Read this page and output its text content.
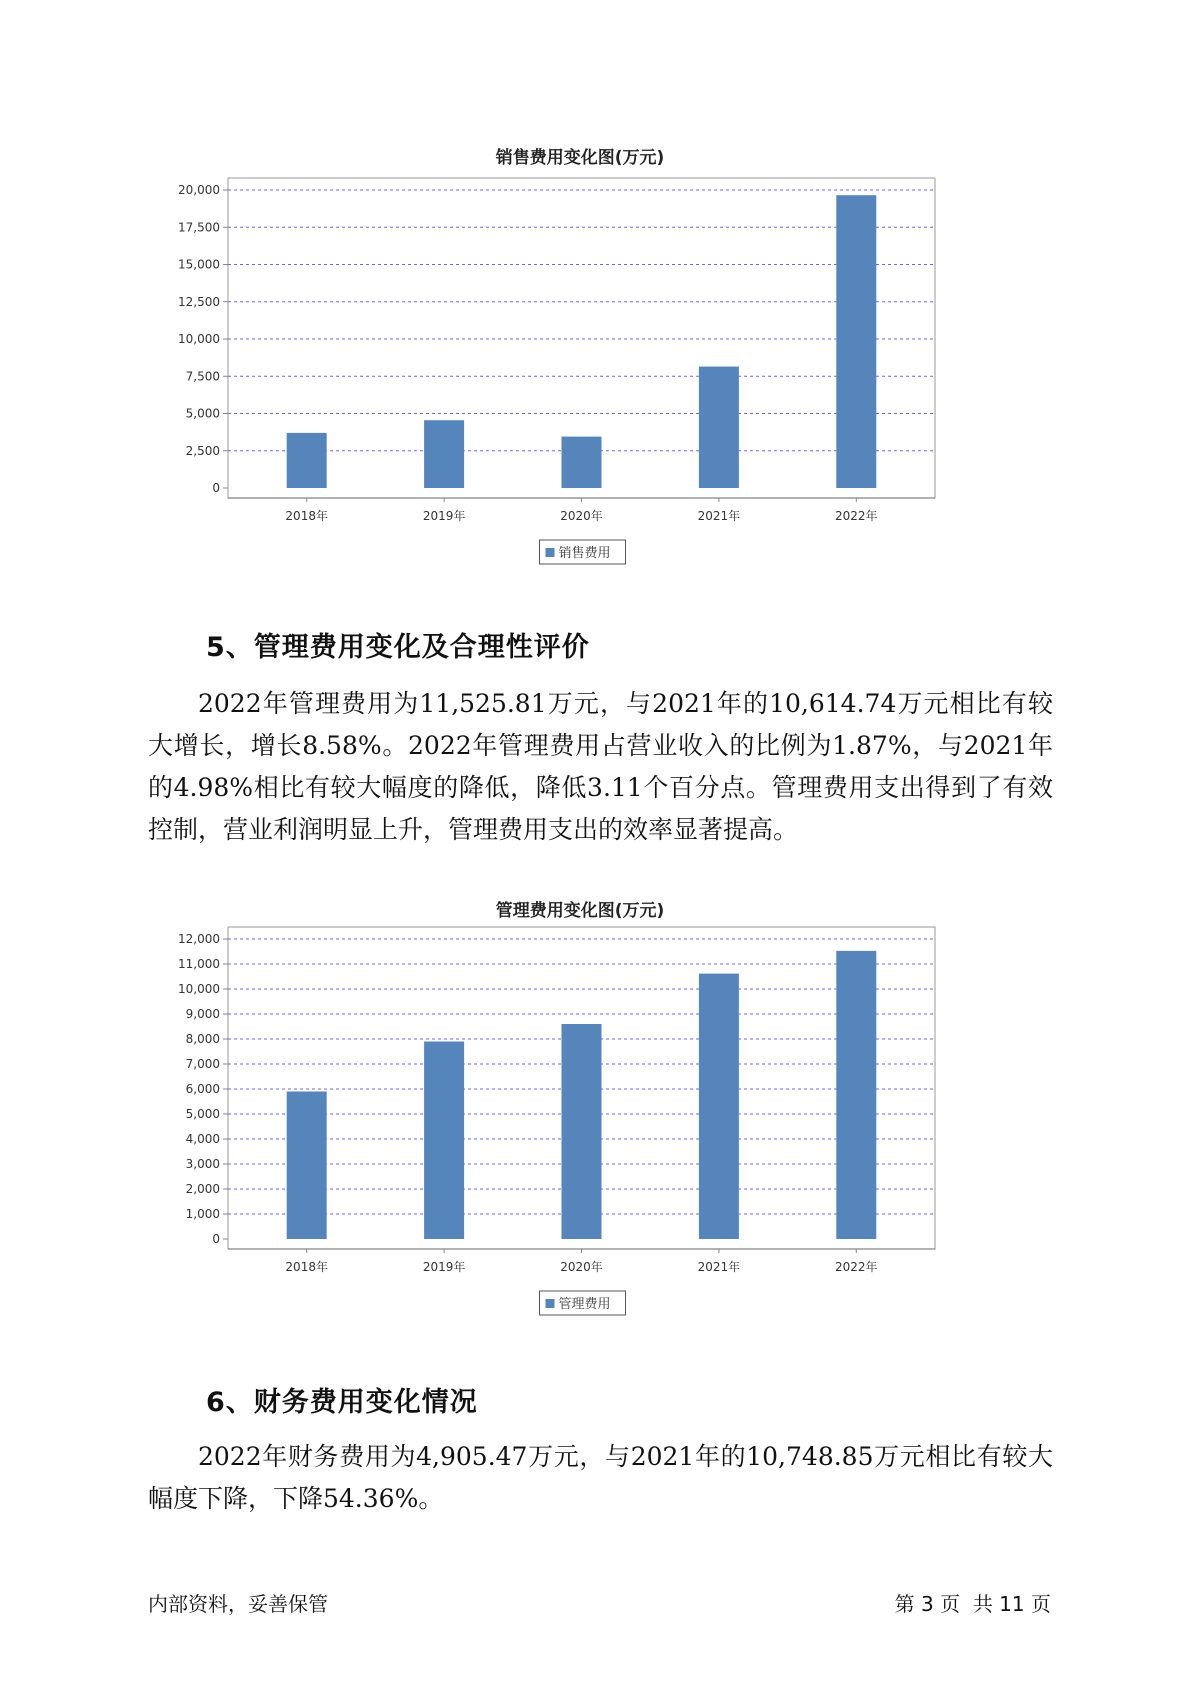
销售费用变化图(万元)
0
2,500
5,000
7,500
10,000
12,500
15,000
17,500
20,000
2018年	2019年	2020年	2021年	2022年
销售费用
5、管理费用变化及合理性评价

2022年管理费用为11,525.81万元，与2021年的10,614.74万元相比有较大增长，增长8.58%。2022年管理费用占营业收入的比例为1.87%，与2021年的4.98%相比有较大幅度的降低，降低3.11个百分点。管理费用支出得到了有效控制，营业利润明显上升，管理费用支出的效率显著提高。

管理费用变化图(万元)
0
1,000
2,000
3,000
4,000
5,000
6,000
7,000
8,000
9,000
10,000
11,000
12,000
2018年	2019年	2020年	2021年	2022年
管理费用
6、财务费用变化情况

2022年财务费用为4,905.47万元，与2021年的10,748.85万元相比有较大幅度下降，下降54.36%。

内部资料，妥善保管	第 3 页  共 11 页
